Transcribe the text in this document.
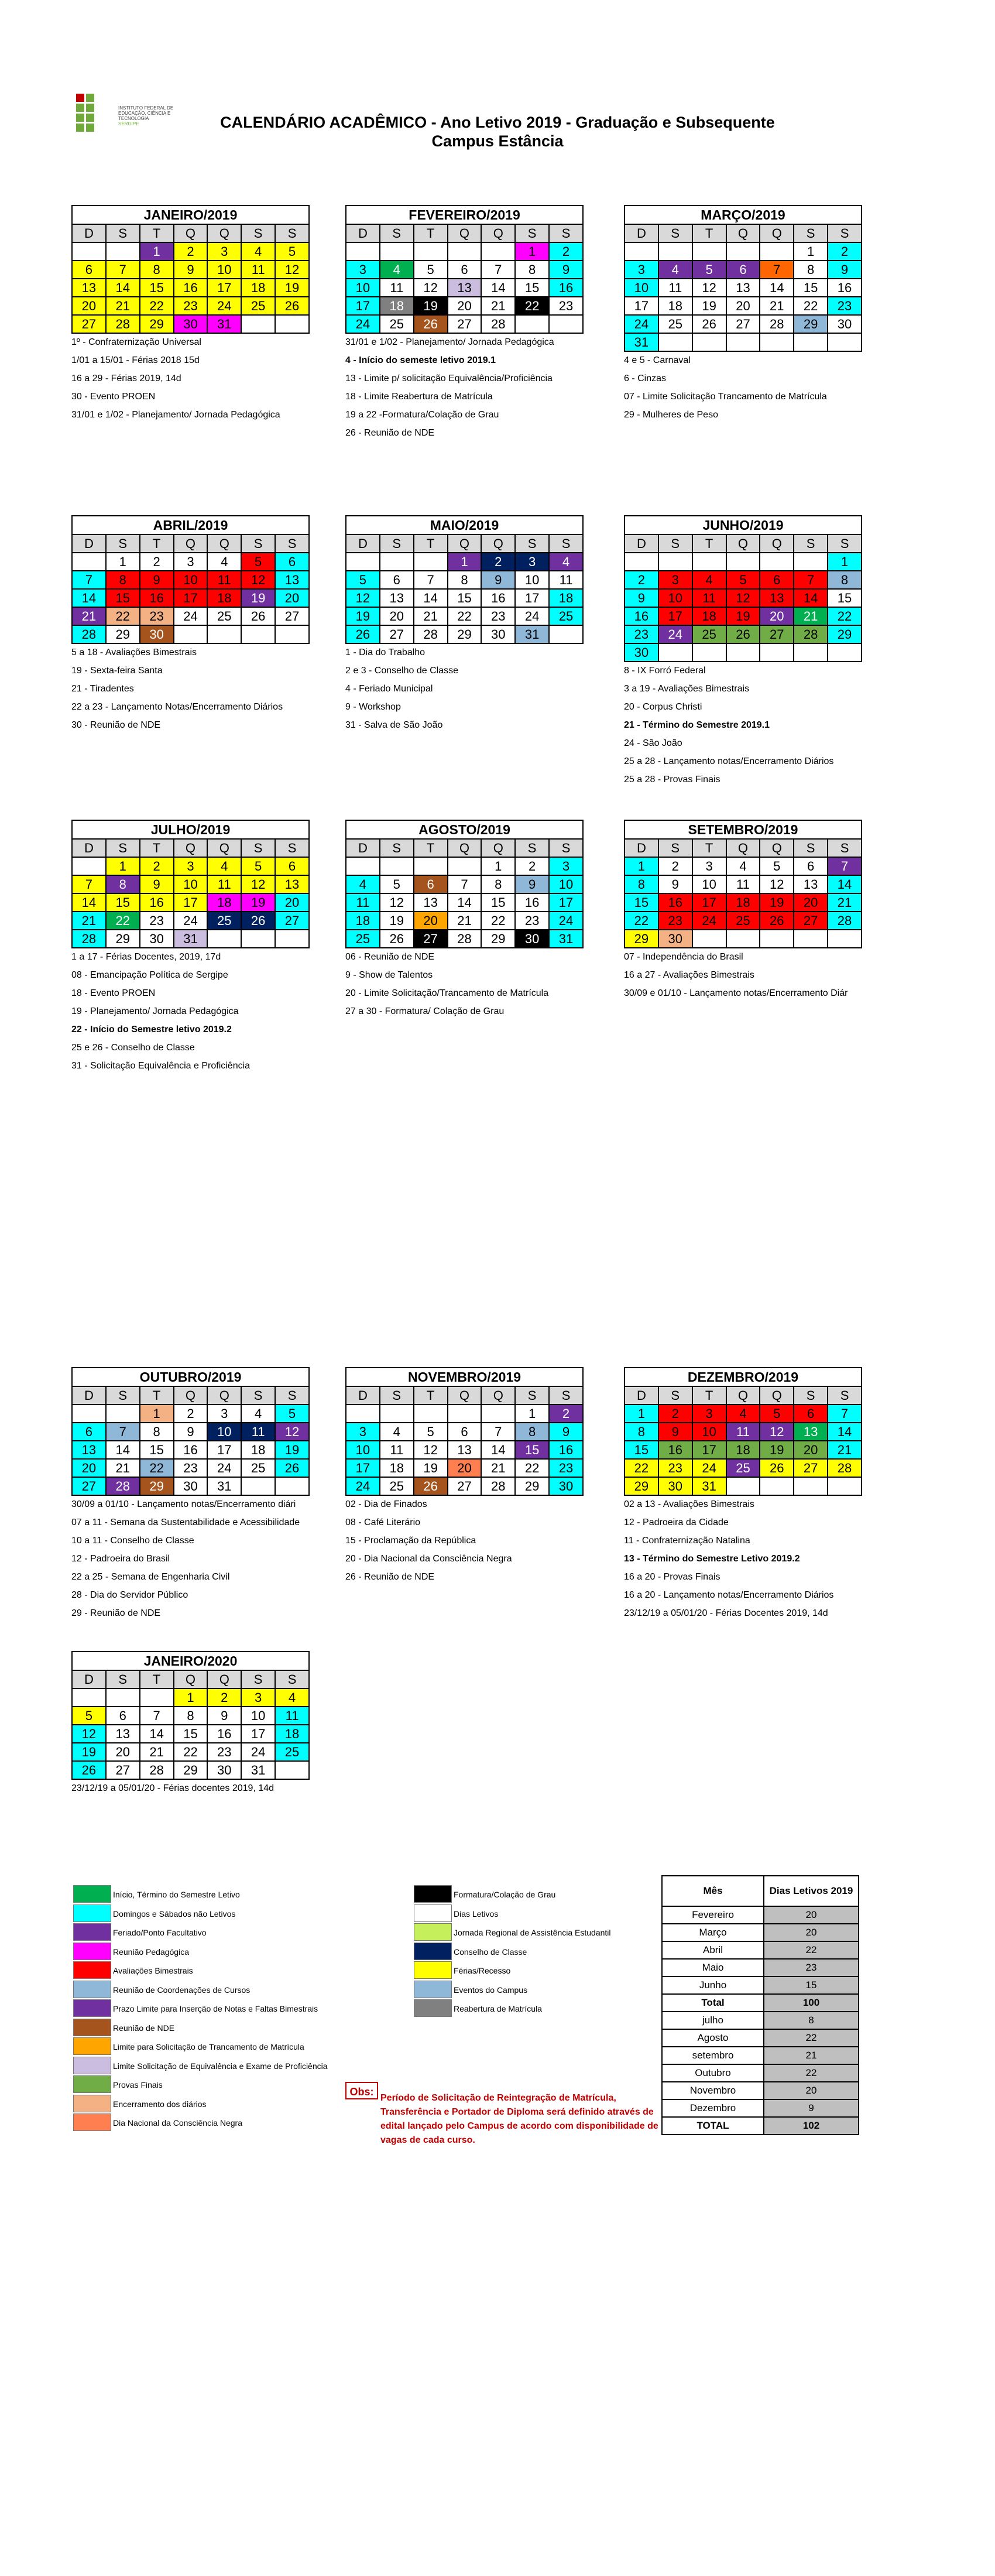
INSTITUTO FEDERAL DE EDUCAÇÃO, CIÊNCIA E TECNOLOGIA
SERGIPE	CALENDÁRIO ACADÊMICO - Ano Letivo 2019 - Graduação e Subsequente
Campus Estância
JANEIRO/2019
D	S	T	Q	Q	S	S
		1	2	3	4	5
6	7	8	9	10	11	12
13	14	15	16	17	18	19
20	21	22	23	24	25	26
27	28	29	30	31		
1º - Confraternização Universal
1/01 a 15/01 - Férias 2018 15d
16 a 29 - Férias 2019, 14d
30 - Evento PROEN
31/01 e 1/02 - Planejamento/ Jornada Pedagógica
FEVEREIRO/2019
D	S	T	Q	Q	S	S
					1	2
3	4	5	6	7	8	9
10	11	12	13	14	15	16
17	18	19	20	21	22	23
24	25	26	27	28		
31/01 e 1/02 - Planejamento/ Jornada Pedagógica
4 - Início do semeste letivo 2019.1
13 - Limite p/ solicitação Equivalência/Proficiência
18 - Limite Reabertura de Matrícula
19 a 22 -Formatura/Colação de Grau
26 - Reunião de NDE
MARÇO/2019
D	S	T	Q	Q	S	S
					1	2
3	4	5	6	7	8	9
10	11	12	13	14	15	16
17	18	19	20	21	22	23
24	25	26	27	28	29	30
31						
4 e 5 - Carnaval
6 - Cinzas
07 - Limite Solicitação Trancamento de Matrícula
29 - Mulheres de Peso
ABRIL/2019
D	S	T	Q	Q	S	S
	1	2	3	4	5	6
7	8	9	10	11	12	13
14	15	16	17	18	19	20
21	22	23	24	25	26	27
28	29	30				
5 a 18 - Avaliações Bimestrais
19 - Sexta-feira Santa
21 - Tiradentes
22 a 23 - Lançamento Notas/Encerramento Diários
30 - Reunião de NDE
MAIO/2019
D	S	T	Q	Q	S	S
			1	2	3	4
5	6	7	8	9	10	11
12	13	14	15	16	17	18
19	20	21	22	23	24	25
26	27	28	29	30	31	
1 - Dia do Trabalho
2 e 3 - Conselho de Classe
4 - Feriado Municipal
9 - Workshop
31 - Salva de São João
JUNHO/2019
D	S	T	Q	Q	S	S
						1
2	3	4	5	6	7	8
9	10	11	12	13	14	15
16	17	18	19	20	21	22
23	24	25	26	27	28	29
30						
8 - IX Forró Federal
3 a 19 - Avaliações Bimestrais
20 - Corpus Christi
21 - Término do Semestre 2019.1
24 - São João
25 a 28 - Lançamento notas/Encerramento Diários
25 a 28 - Provas Finais
JULHO/2019
D	S	T	Q	Q	S	S
	1	2	3	4	5	6
7	8	9	10	11	12	13
14	15	16	17	18	19	20
21	22	23	24	25	26	27
28	29	30	31			
1 a 17 - Férias Docentes, 2019, 17d
08 - Emancipação Política de Sergipe
18 - Evento PROEN
19 - Planejamento/ Jornada Pedagógica
22 - Início do Semestre letivo 2019.2
25 e 26 - Conselho de Classe
31 - Solicitação Equivalência e Proficiência
AGOSTO/2019
D	S	T	Q	Q	S	S
				1	2	3
4	5	6	7	8	9	10
11	12	13	14	15	16	17
18	19	20	21	22	23	24
25	26	27	28	29	30	31
06 - Reunião de NDE
9 - Show de Talentos
20 - Limite Solicitação/Trancamento de Matrícula
27 a 30 - Formatura/ Colação de Grau
SETEMBRO/2019
D	S	T	Q	Q	S	S
1	2	3	4	5	6	7
8	9	10	11	12	13	14
15	16	17	18	19	20	21
22	23	24	25	26	27	28
29	30					
07 - Independência do Brasil
16 a 27 - Avaliações Bimestrais
30/09 e 01/10 - Lançamento notas/Encerramento Diár
OUTUBRO/2019
D	S	T	Q	Q	S	S
		1	2	3	4	5
6	7	8	9	10	11	12
13	14	15	16	17	18	19
20	21	22	23	24	25	26
27	28	29	30	31		
30/09 a 01/10 - Lançamento notas/Encerramento diári
07 a 11 - Semana da Sustentabilidade e Acessibilidade
10 a 11 - Conselho de Classe
12 - Padroeira do Brasil
22 a 25 - Semana de Engenharia Civil
28 - Dia do Servidor Público
29 - Reunião de NDE
NOVEMBRO/2019
D	S	T	Q	Q	S	S
					1	2
3	4	5	6	7	8	9
10	11	12	13	14	15	16
17	18	19	20	21	22	23
24	25	26	27	28	29	30
02 - Dia de Finados
08 - Café Literário
15 - Proclamação da República
20 - Dia Nacional da Consciência Negra
26 - Reunião de NDE
DEZEMBRO/2019
D	S	T	Q	Q	S	S
1	2	3	4	5	6	7
8	9	10	11	12	13	14
15	16	17	18	19	20	21
22	23	24	25	26	27	28
29	30	31				
02 a 13 - Avaliações Bimestrais
12 - Padroeira da Cidade
11 - Confraternização Natalina
13 - Término do Semestre Letivo 2019.2
16 a 20 - Provas Finais
16 a 20 - Lançamento notas/Encerramento Diários
23/12/19 a 05/01/20 - Férias Docentes 2019, 14d
JANEIRO/2020
D	S	T	Q	Q	S	S
			1	2	3	4
5	6	7	8	9	10	11
12	13	14	15	16	17	18
19	20	21	22	23	24	25
26	27	28	29	30	31	
23/12/19 a 05/01/20 - Férias docentes 2019, 14d
Início, Término do Semestre Letivo
Domingos e Sábados não Letivos
Feriado/Ponto Facultativo
Reunião Pedagógica
Avaliações Bimestrais
Reunião de Coordenações de Cursos
Prazo Limite para Inserção de Notas e Faltas Bimestrais
Reunião de NDE
Limite para Solicitação de Trancamento de Matrícula
Limite Solicitação de Equivalência e Exame de Proficiência
Provas Finais
Encerramento dos diários
Dia Nacional da Consciência Negra
Formatura/Colação de Grau
Dias Letivos
Jornada Regional de Assistência Estudantil
Conselho de Classe
Férias/Recesso
Eventos do Campus
Reabertura de Matrícula
Obs:
Período de Solicitação de Reintegração de Matrícula, Transferência e Portador de Diploma será definido através de edital lançado pelo Campus de acordo com disponibilidade de vagas de cada curso.
Mês	Dias Letivos 2019
Fevereiro	20
Março	20
Abril	22
Maio	23
Junho	15
Total	100
julho	8
Agosto	22
setembro	21
Outubro	22
Novembro	20
Dezembro	9
TOTAL	102
